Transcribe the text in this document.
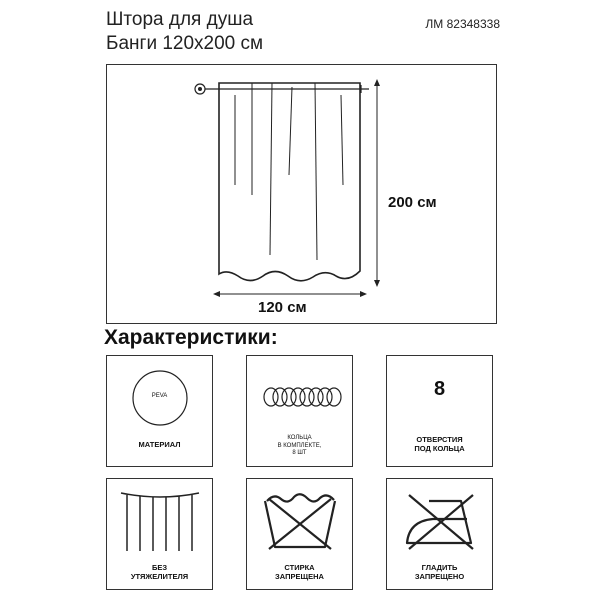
Штора для душа
Банги 120х200 см
ЛМ 82348338
200 см
120 см
Характеристики:
PEVA
МАТЕРИАЛ
КОЛЬЦА
В КОМПЛЕКТЕ,
8 ШТ
8
ОТВЕРСТИЯ
ПОД КОЛЬЦА
БЕЗ
УТЯЖЕЛИТЕЛЯ
СТИРКА
ЗАПРЕЩЕНА
ГЛАДИТЬ
ЗАПРЕЩЕНО
